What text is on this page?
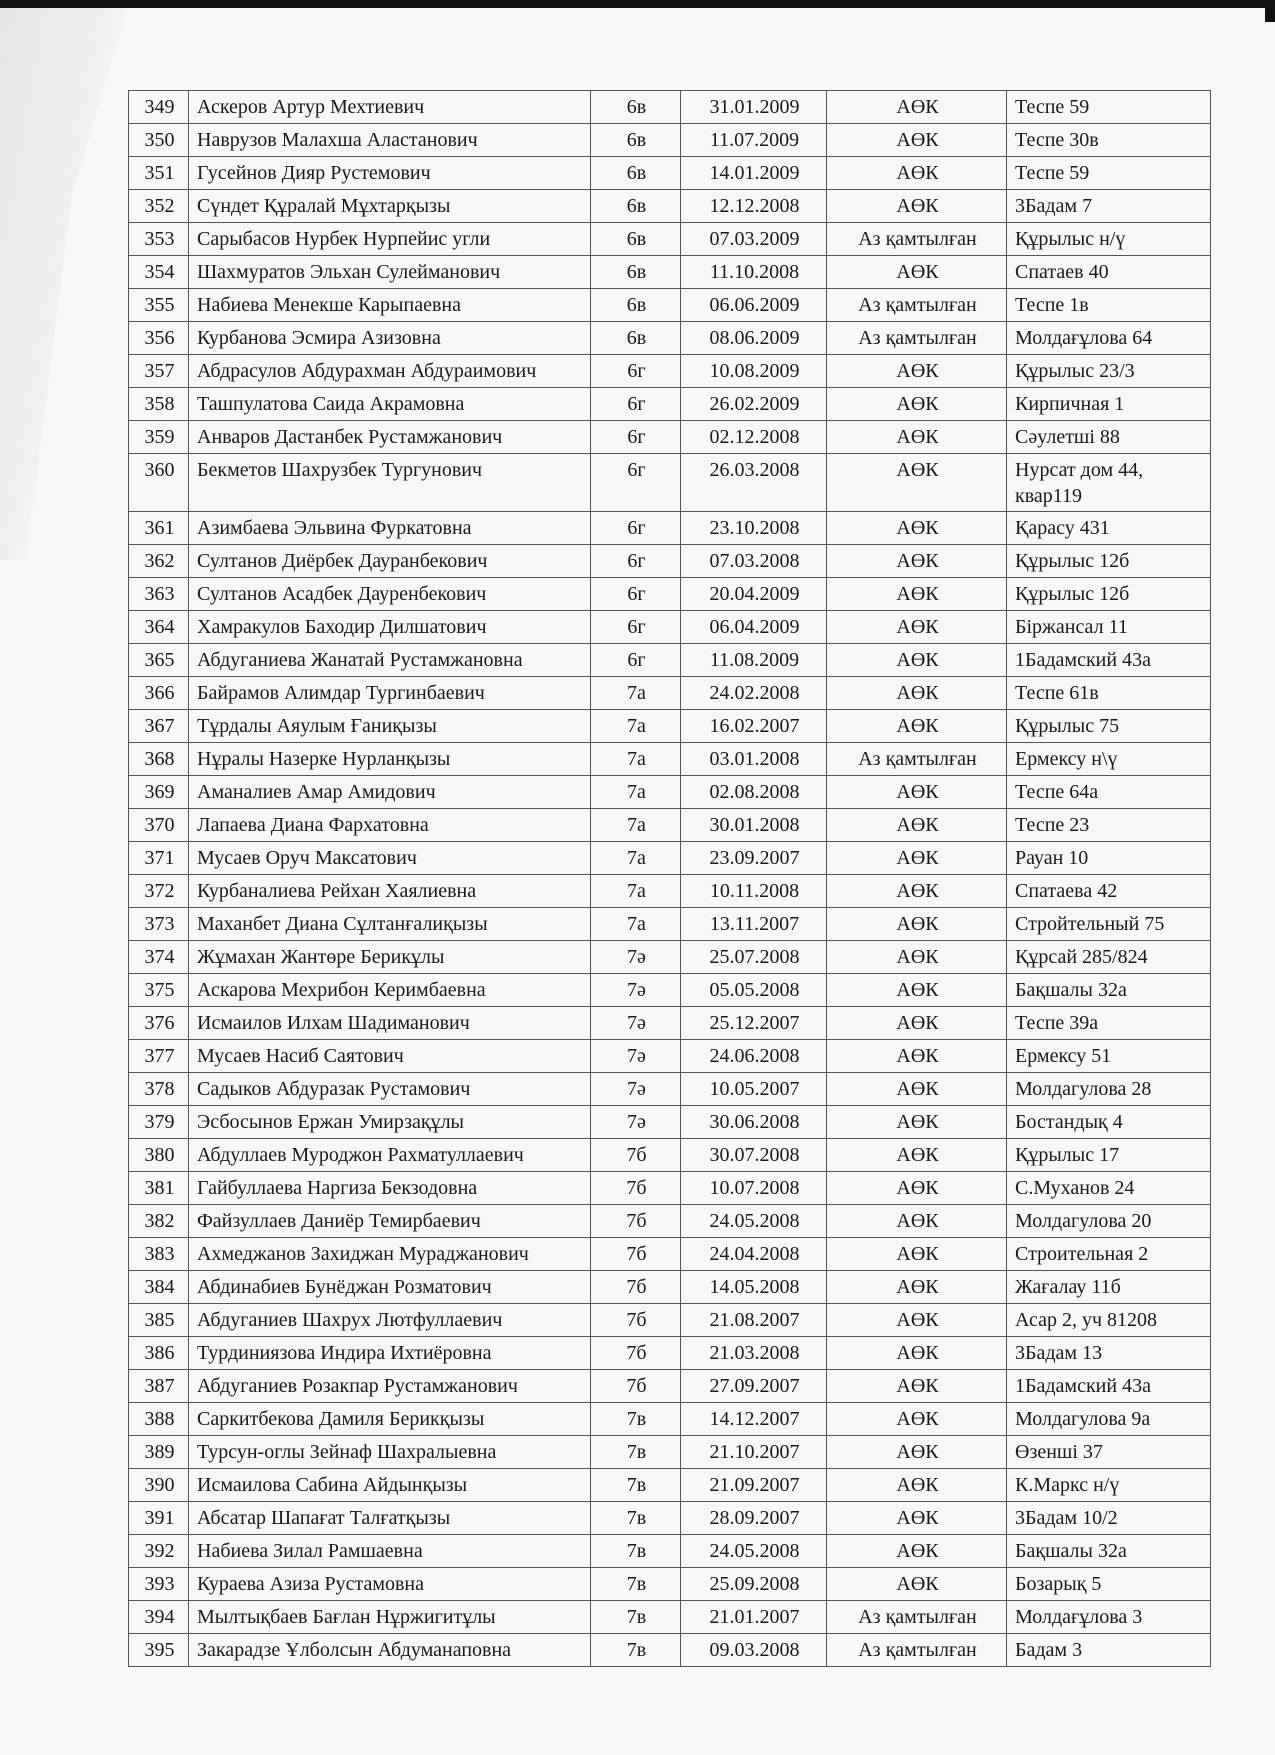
349	Аскеров Артур Мехтиевич	6в	31.01.2009	АӨК	Теспе 59
350	Наврузов Малахша Аластанович	6в	11.07.2009	АӨК	Теспе 30в
351	Гусейнов Дияр Рустемович	6в	14.01.2009	АӨК	Теспе 59
352	Сүндет Құралай Мұхтарқызы	6в	12.12.2008	АӨК	3Бадам 7
353	Сарыбасов Нурбек Нурпейис угли	6в	07.03.2009	Аз қамтылған	Құрылыс н/ү
354	Шахмуратов Эльхан Сулейманович	6в	11.10.2008	АӨК	Спатаев 40
355	Набиева Менекше Карыпаевна	6в	06.06.2009	Аз қамтылған	Теспе 1в
356	Курбанова Эсмира Азизовна	6в	08.06.2009	Аз қамтылған	Молдағұлова 64
357	Абдрасулов Абдурахман Абдураимович	6г	10.08.2009	АӨК	Құрылыс 23/3
358	Ташпулатова Саида Акрамовна	6г	26.02.2009	АӨК	Кирпичная 1
359	Анваров Дастанбек Рустамжанович	6г	02.12.2008	АӨК	Сәулетші 88
360	Бекметов Шахрузбек Тургунович	6г	26.03.2008	АӨК	Нурсат дом 44, квар119
361	Азимбаева Эльвина Фуркатовна	6г	23.10.2008	АӨК	Қарасу 431
362	Султанов Диёрбек Дауранбекович	6г	07.03.2008	АӨК	Құрылыс 12б
363	Султанов Асадбек Дауренбекович	6г	20.04.2009	АӨК	Құрылыс 12б
364	Хамракулов Баходир Дилшатович	6г	06.04.2009	АӨК	Біржансал 11
365	Абдуганиева Жанатай Рустамжановна	6г	11.08.2009	АӨК	1Бадамский 43а
366	Байрамов Алимдар Тургинбаевич	7а	24.02.2008	АӨК	Теспе 61в
367	Тұрдалы Аяулым Ғаниқызы	7а	16.02.2007	АӨК	Құрылыс 75
368	Нұралы Назерке Нурланқызы	7а	03.01.2008	Аз қамтылған	Ермексу н\ү
369	Аманалиев Амар Амидович	7а	02.08.2008	АӨК	Теспе 64а
370	Лапаева Диана Фархатовна	7а	30.01.2008	АӨК	Теспе 23
371	Мусаев Оруч Максатович	7а	23.09.2007	АӨК	Рауан 10
372	Курбаналиева Рейхан Хаялиевна	7а	10.11.2008	АӨК	Спатаева 42
373	Маханбет Диана Сұлтанғалиқызы	7а	13.11.2007	АӨК	Стройтельный 75
374	Жұмахан Жантөре Берикұлы	7ә	25.07.2008	АӨК	Құрсай 285/824
375	Аскарова Мехрибон Керимбаевна	7ә	05.05.2008	АӨК	Бақшалы 32а
376	Исмаилов Илхам Шадиманович	7ә	25.12.2007	АӨК	Теспе 39а
377	Мусаев Насиб Саятович	7ә	24.06.2008	АӨК	Ермексу 51
378	Садыков Абдуразак Рустамович	7ә	10.05.2007	АӨК	Молдагулова 28
379	Эсбосынов Ержан Умирзақұлы	7ә	30.06.2008	АӨК	Бостандық 4
380	Абдуллаев Муроджон Рахматуллаевич	7б	30.07.2008	АӨК	Құрылыс 17
381	Гайбуллаева Наргиза Бекзодовна	7б	10.07.2008	АӨК	С.Муханов 24
382	Файзуллаев Даниёр Темирбаевич	7б	24.05.2008	АӨК	Молдагулова 20
383	Ахмеджанов Захиджан Мураджанович	7б	24.04.2008	АӨК	Строительная 2
384	Абдинабиев Бунёджан Розматович	7б	14.05.2008	АӨК	Жағалау 11б
385	Абдуганиев Шахрух Лютфуллаевич	7б	21.08.2007	АӨК	Асар 2, уч 81208
386	Турдиниязова Индира Ихтиёровна	7б	21.03.2008	АӨК	3Бадам 13
387	Абдуганиев Розакпар Рустамжанович	7б	27.09.2007	АӨК	1Бадамский 43а
388	Саркитбекова Дамиля Берикқызы	7в	14.12.2007	АӨК	Молдагулова 9а
389	Турсун-оглы Зейнаф Шахралыевна	7в	21.10.2007	АӨК	Өзенші 37
390	Исмаилова Сабина Айдынқызы	7в	21.09.2007	АӨК	К.Маркс н/ү
391	Абсатар Шапағат Талғатқызы	7в	28.09.2007	АӨК	3Бадам 10/2
392	Набиева Зилал Рамшаевна	7в	24.05.2008	АӨК	Бақшалы 32а
393	Кураева Азиза Рустамовна	7в	25.09.2008	АӨК	Бозарық 5
394	Мылтықбаев Бағлан Нұржигитұлы	7в	21.01.2007	Аз қамтылған	Молдағұлова 3
395	Закарадзе Ұлболсын Абдуманаповна	7в	09.03.2008	Аз қамтылған	Бадам 3
